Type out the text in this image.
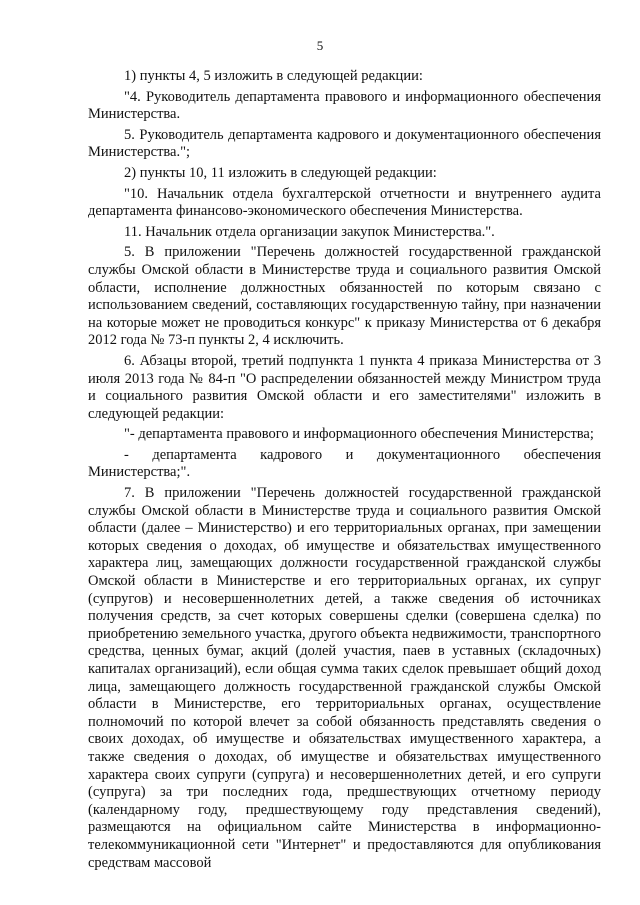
5

1) пункты 4, 5 изложить в следующей редакции:

"4. Руководитель департамента правового и информационного обеспечения Министерства.

5. Руководитель департамента кадрового и документационного обеспечения Министерства.";

2) пункты 10, 11 изложить в следующей редакции:

"10. Начальник отдела бухгалтерской отчетности и внутреннего аудита департамента финансово-экономического обеспечения Министерства.

11. Начальник отдела организации закупок Министерства.".

5. В приложении "Перечень должностей государственной гражданской службы Омской области в Министерстве труда и социального развития Омской области, исполнение должностных обязанностей по которым связано с использованием сведений, составляющих государственную тайну, при назначении на которые может не проводиться конкурс" к приказу Министерства от 6 декабря 2012 года № 73-п пункты 2, 4 исключить.

6. Абзацы второй, третий подпункта 1 пункта 4 приказа Министерства от 3 июля 2013 года № 84-п "О распределении обязанностей между Министром труда и социального развития Омской области и его заместителями" изложить в следующей редакции:

"- департамента правового и информационного обеспечения Министерства;

- департамента кадрового и документационного обеспечения Министерства;".

7. В приложении "Перечень должностей государственной гражданской службы Омской области в Министерстве труда и социального развития Омской области (далее – Министерство) и его территориальных органах, при замещении которых сведения о доходах, об имуществе и обязательствах имущественного характера лиц, замещающих должности государственной гражданской службы Омской области в Министерстве и его территориальных органах, их супруг (супругов) и несовершеннолетних детей, а также сведения об источниках получения средств, за счет которых совершены сделки (совершена сделка) по приобретению земельного участка, другого объекта недвижимости, транспортного средства, ценных бумаг, акций (долей участия, паев в уставных (складочных) капиталах организаций), если общая сумма таких сделок превышает общий доход лица, замещающего должность государственной гражданской службы Омской области в Министерстве, его территориальных органах, осуществление полномочий по которой влечет за собой обязанность представлять сведения о своих доходах, об имуществе и обязательствах имущественного характера, а также сведения о доходах, об имуществе и обязательствах имущественного характера своих супруги (супруга) и несовершеннолетних детей, и его супруги (супруга) за три последних года, предшествующих отчетному периоду (календарному году, предшествующему году представления сведений), размещаются на официальном сайте Министерства в информационно-телекоммуникационной сети "Интернет" и предоставляются для опубликования средствам массовой
